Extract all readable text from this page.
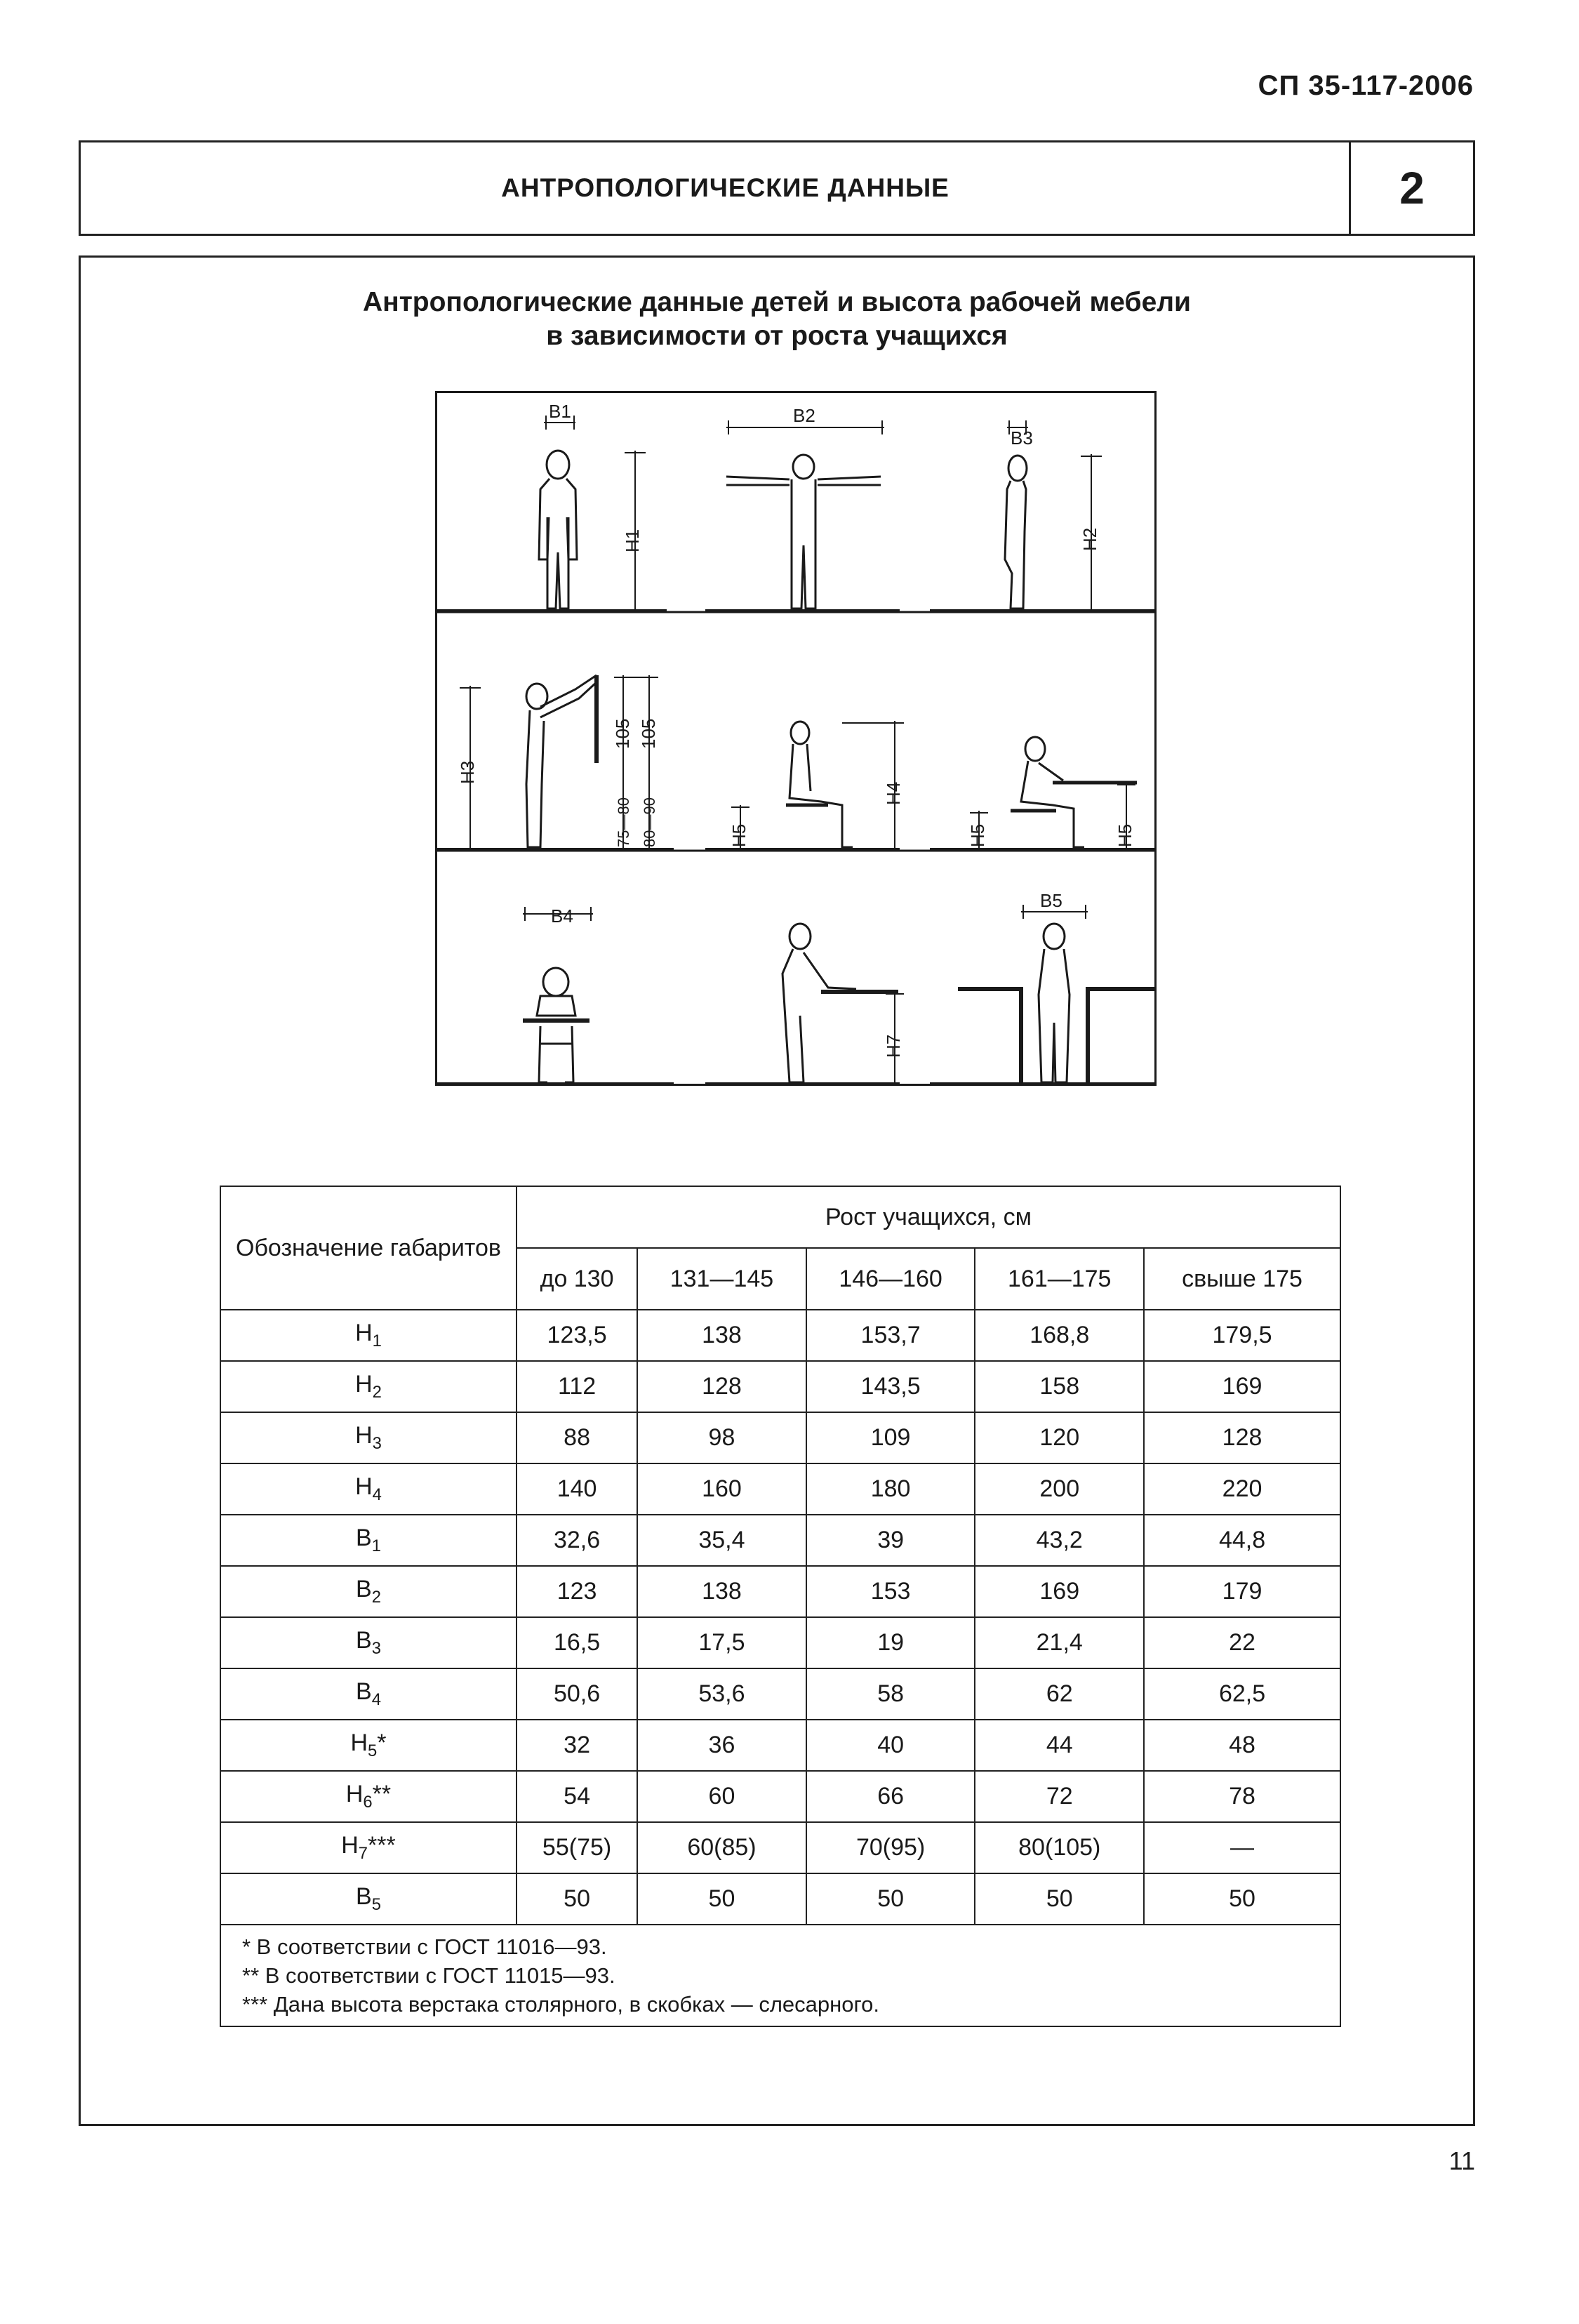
СП 35-117-2006
АНТРОПОЛОГИЧЕСКИЕ ДАННЫЕ	2
Антропологические данные детей и высота рабочей мебели
в зависимости от роста учащихся
B1
H1
B2
B3
H2
H3
105 105
75—80 80—90	H5
H4
H5	H5
B4
H7
B5
Обозначение габаритов	Рост учащихся, см				
	до 130	131—145	146—160	161—175	свыше 175
$H_1$	123,5	138	153,7	168,8	179,5
$H_2$	112	128	143,5	158	169
$H_3$	88	98	109	120	128
$H_4$	140	160	180	200	220
$B_1$	32,6	35,4	39	43,2	44,8
$B_2$	123	138	153	169	179
$B_3$	16,5	17,5	19	21,4	22
$B_4$	50,6	53,6	58	62	62,5
$H_5*$	32	36	40	44	48
$H_6**$	54	60	66	72	78
$H_7***$	55(75)	60(85)	70(95)	80(105)	—
$B_5$	50	50	50	50	50

* В соответствии с ГОСТ 11016—93.
** В соответствии с ГОСТ 11015—93.
*** Дана высота верстака столярного, в скобках — слесарного.					
11
